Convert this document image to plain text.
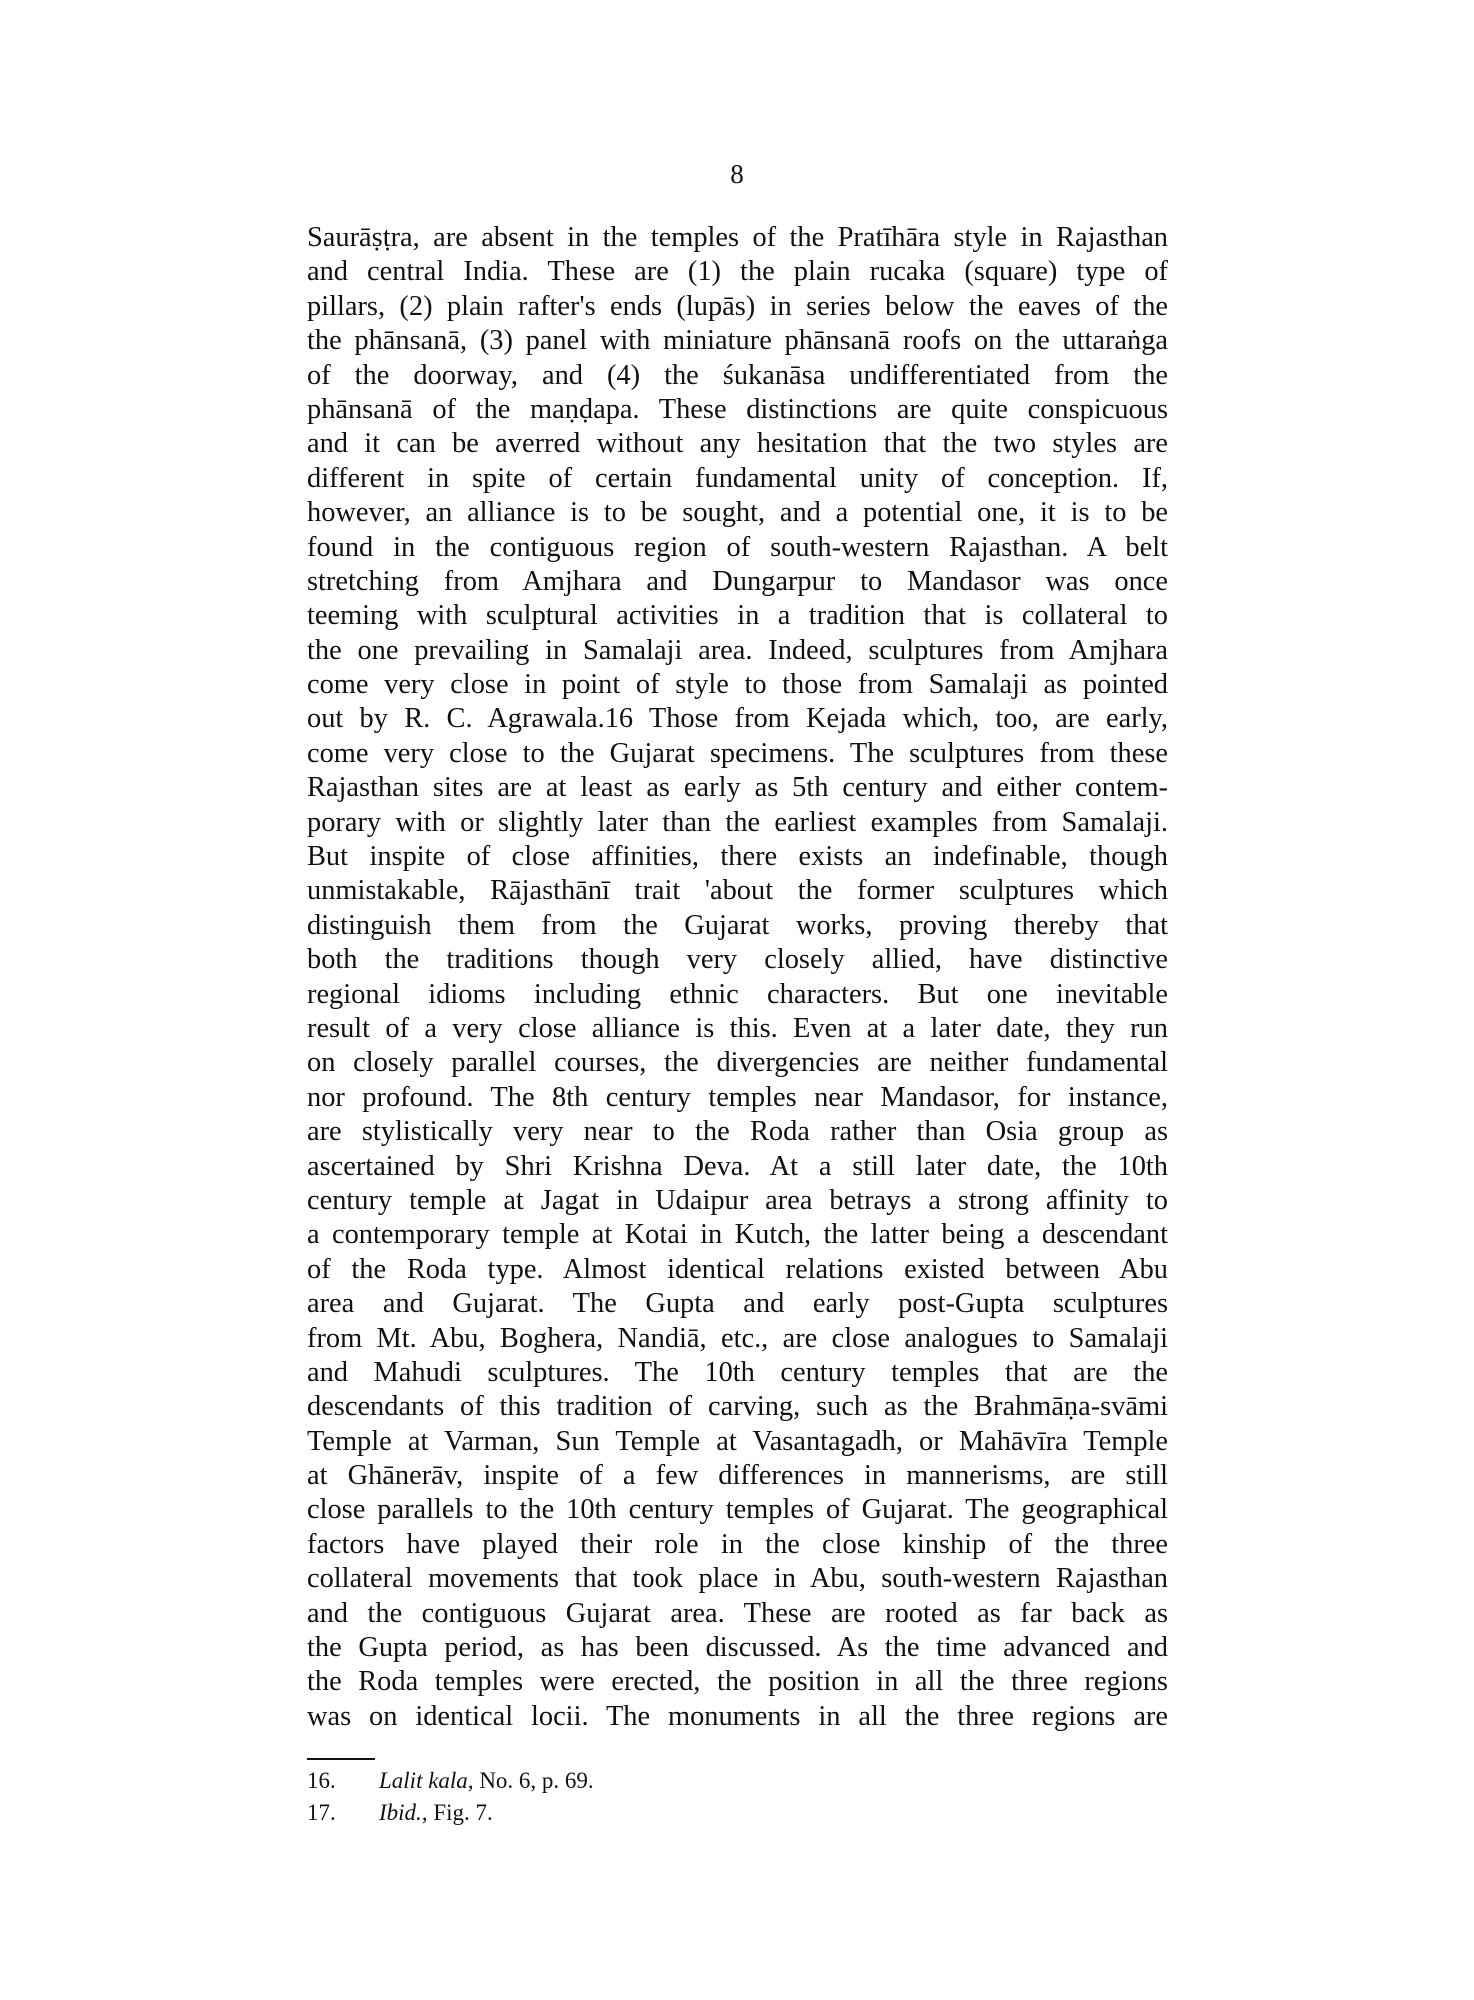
8
Saurāṣṭra, are absent in the temples of the Pratīhāra style in Rajasthan
and central India. These are (1) the plain rucaka (square) type of
pillars, (2) plain rafter's ends (lupās) in series below the eaves of the
the phānsanā, (3) panel with miniature phānsanā roofs on the uttaraṅga
of the doorway, and (4) the śukanāsa undifferentiated from the
phānsanā of the maṇḍapa. These distinctions are quite conspicuous
and it can be averred without any hesitation that the two styles are
different in spite of certain fundamental unity of conception. If,
however, an alliance is to be sought, and a potential one, it is to be
found in the contiguous region of south-western Rajasthan. A belt
stretching from Amjhara and Dungarpur to Mandasor was once
teeming with sculptural activities in a tradition that is collateral to
the one prevailing in Samalaji area. Indeed, sculptures from Amjhara
come very close in point of style to those from Samalaji as pointed
out by R. C. Agrawala.16 Those from Kejada which, too, are early,
come very close to the Gujarat specimens. The sculptures from these
Rajasthan sites are at least as early as 5th century and either contem-
porary with or slightly later than the earliest examples from Samalaji.
But inspite of close affinities, there exists an indefinable, though
unmistakable, Rājasthānī trait 'about the former sculptures which
distinguish them from the Gujarat works, proving thereby that
both the traditions though very closely allied, have distinctive
regional idioms including ethnic characters. But one inevitable
result of a very close alliance is this. Even at a later date, they run
on closely parallel courses, the divergencies are neither fundamental
nor profound. The 8th century temples near Mandasor, for instance,
are stylistically very near to the Roda rather than Osia group as
ascertained by Shri Krishna Deva. At a still later date, the 10th
century temple at Jagat in Udaipur area betrays a strong affinity to
a contemporary temple at Kotai in Kutch, the latter being a descendant
of the Roda type. Almost identical relations existed between Abu
area and Gujarat. The Gupta and early post-Gupta sculptures
from Mt. Abu, Boghera, Nandiā, etc., are close analogues to Samalaji
and Mahudi sculptures. The 10th century temples that are the
descendants of this tradition of carving, such as the Brahmāṇa-svāmi
Temple at Varman, Sun Temple at Vasantagadh, or Mahāvīra Temple
at Ghānerāv, inspite of a few differences in mannerisms, are still
close parallels to the 10th century temples of Gujarat. The geographical
factors have played their role in the close kinship of the three
collateral movements that took place in Abu, south-western Rajasthan
and the contiguous Gujarat area. These are rooted as far back as
the Gupta period, as has been discussed. As the time advanced and
the Roda temples were erected, the position in all the three regions
was on identical locii. The monuments in all the three regions are
16. Lalit kala, No. 6, p. 69.
17. Ibid., Fig. 7.
